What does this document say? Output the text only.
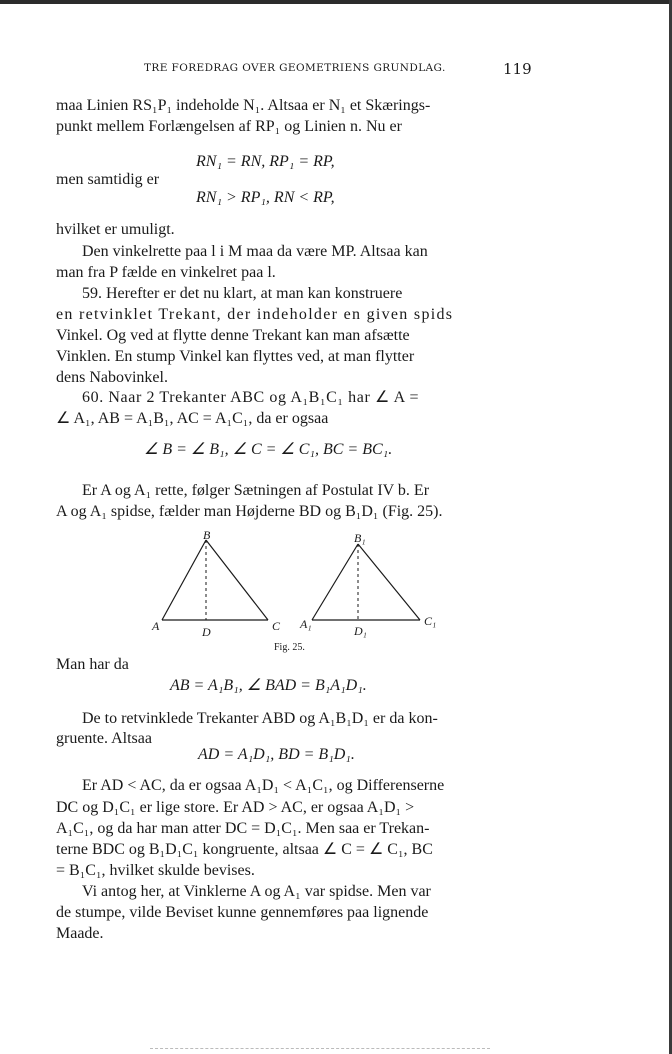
TRE FOREDRAG OVER GEOMETRIENS GRUNDLAG.	119
maa Linien RS₁P₁ indeholde N₁. Altsaa er N₁ et Skærings-
punkt mellem Forlængelsen af RP₁ og Linien n. Nu er
RN₁ = RN, RP₁ = RP,
men samtidig er
RN₁ > RP₁, RN < RP,
hvilket er umuligt.
Den vinkelrette paa l i M maa da være MP. Altsaa kan
man fra P fælde en vinkelret paa l.
59. Herefter er det nu klart, at man kan konstruere
en retvinklet Trekant, der indeholder en given spids
Vinkel. Og ved at flytte denne Trekant kan man afsætte
Vinklen. En stump Vinkel kan flyttes ved, at man flytter
dens Nabovinkel.
60. Naar 2 Trekanter ABC og A₁B₁C₁ har ∠ A =
∠ A₁, AB = A₁B₁, AC = A₁C₁, da er ogsaa
∠ B = ∠ B₁, ∠ C = ∠ C₁, BC = BC₁.
Er A og A₁ rette, følger Sætningen af Postulat IV b. Er
A og A₁ spidse, fælder man Højderne BD og B₁D₁ (Fig. 25).
B
A	D	C
B₁
A₁	D₁
C₁
Fig. 25.
Man har da
AB = A₁B₁, ∠ BAD = B₁A₁D₁.
De to retvinklede Trekanter ABD og A₁B₁D₁ er da kon-
gruente. Altsaa
AD = A₁D₁, BD = B₁D₁.
Er AD < AC, da er ogsaa A₁D₁ < A₁C₁, og Differenserne
DC og D₁C₁ er lige store. Er AD > AC, er ogsaa A₁D₁ >
A₁C₁, og da har man atter DC = D₁C₁. Men saa er Trekan-
terne BDC og B₁D₁C₁ kongruente, altsaa ∠ C = ∠ C₁, BC
= B₁C₁, hvilket skulde bevises.
Vi antog her, at Vinklerne A og A₁ var spidse. Men var
de stumpe, vilde Beviset kunne gennemføres paa lignende
Maade.
